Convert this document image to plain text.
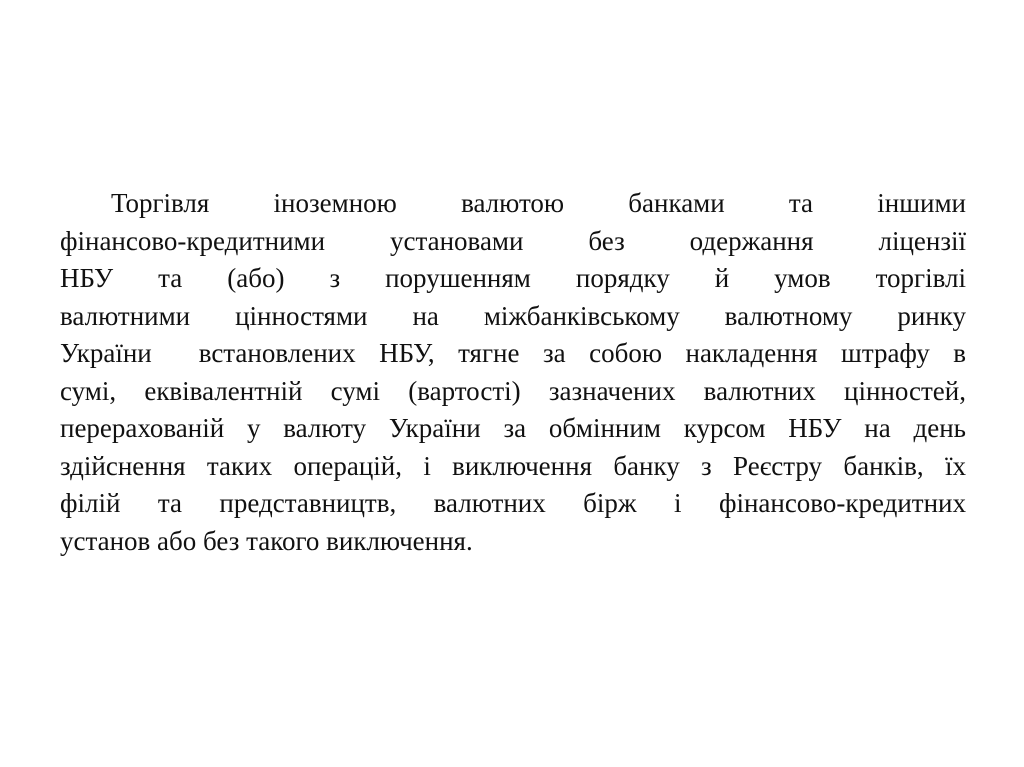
Торгівля іноземною валютою банками та іншими
фінансово-кредитними установами без одержання ліцензії
НБУ та (або) з порушенням порядку й умов торгівлі
валютними цінностями на міжбанківському валютному ринку
України  встановлених НБУ, тягне за собою накладення штрафу в
сумі, еквівалентній сумі (вартості) зазначених валютних цінностей,
перерахованій у валюту України за обмінним курсом НБУ на день
здійснення таких операцій, і виключення банку з Реєстру банків, їх
філій та представництв, валютних бірж і фінансово-кредитних
установ або без такого виключення.
